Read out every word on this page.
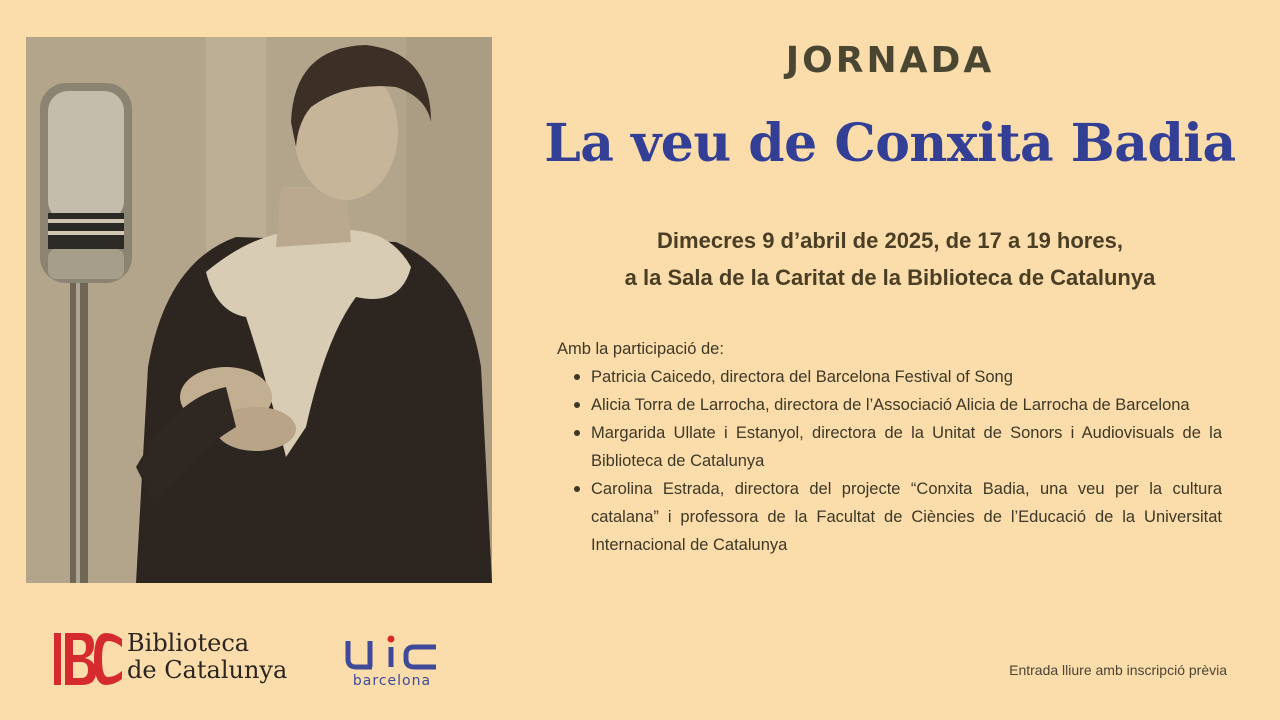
JORNADA
La veu de Conxita Badia
Dimecres 9 d’abril de 2025, de 17 a 19 hores,
a la Sala de la Caritat de la Biblioteca de Catalunya
Amb la participació de:
Patricia Caicedo, directora del Barcelona Festival of Song
Alicia Torra de Larrocha, directora de l’Associació Alicia de Larrocha de Barcelona
Margarida Ullate i Estanyol, directora de la Unitat de Sonors i Audiovisuals de la Biblioteca de Catalunya
Carolina Estrada, directora del projecte “Conxita Badia, una veu per la cultura catalana” i professora de la Facultat de Ciències de l’Educació de la Universitat Internacional de Catalunya
Biblioteca
de Catalunya	barcelona
Entrada lliure amb inscripció prèvia
